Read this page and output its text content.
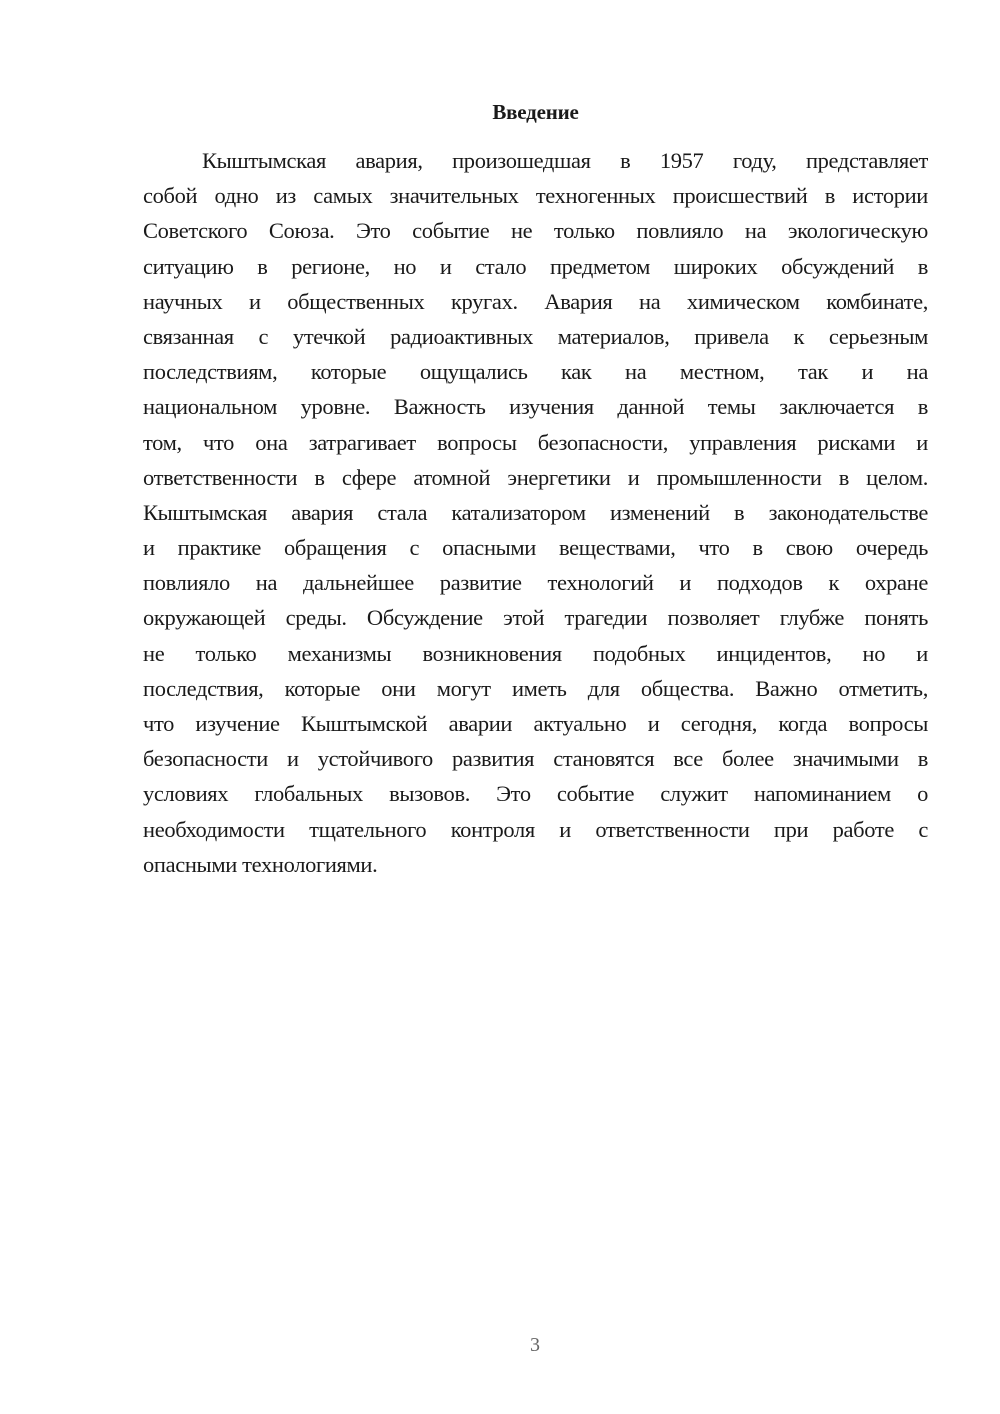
Введение
Кыштымская авария, произошедшая в 1957 году, представляет
собой одно из самых значительных техногенных происшествий в истории
Советского Союза. Это событие не только повлияло на экологическую
ситуацию в регионе, но и стало предметом широких обсуждений в
научных и общественных кругах. Авария на химическом комбинате,
связанная с утечкой радиоактивных материалов, привела к серьезным
последствиям, которые ощущались как на местном, так и на
национальном уровне. Важность изучения данной темы заключается в
том, что она затрагивает вопросы безопасности, управления рисками и
ответственности в сфере атомной энергетики и промышленности в целом.
Кыштымская авария стала катализатором изменений в законодательстве
и практике обращения с опасными веществами, что в свою очередь
повлияло на дальнейшее развитие технологий и подходов к охране
окружающей среды. Обсуждение этой трагедии позволяет глубже понять
не только механизмы возникновения подобных инцидентов, но и
последствия, которые они могут иметь для общества. Важно отметить,
что изучение Кыштымской аварии актуально и сегодня, когда вопросы
безопасности и устойчивого развития становятся все более значимыми в
условиях глобальных вызовов. Это событие служит напоминанием о
необходимости тщательного контроля и ответственности при работе с
опасными технологиями.
3
